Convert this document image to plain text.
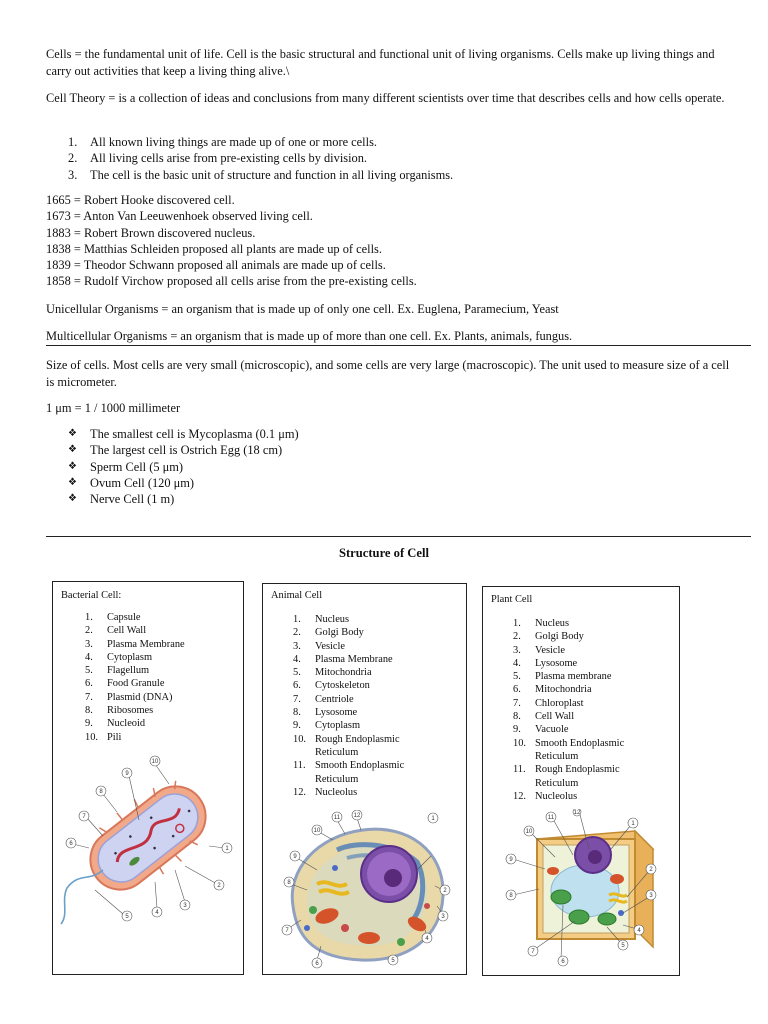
Cells = the fundamental unit of life. Cell is the basic structural and functional unit of living organisms. Cells make up living things and carry out activities that keep a living thing alive.\
Cell Theory = is a collection of ideas and conclusions from many different scientists over time that describes cells and how cells operate.
1. All known living things are made up of one or more cells.
2. All living cells arise from pre-existing cells by division.
3. The cell is the basic unit of structure and function in all living organisms.
1665 = Robert Hooke discovered cell.
1673 = Anton Van Leeuwenhoek observed living cell.
1883 = Robert Brown discovered nucleus.
1838 = Matthias Schleiden proposed all plants are made up of cells.
1839 = Theodor Schwann proposed all animals are made up of cells.
1858 = Rudolf Virchow proposed all cells arise from the pre-existing cells.
Unicellular Organisms = an organism that is made up of only one cell. Ex. Euglena, Paramecium, Yeast
Multicellular Organisms = an organism that is made up of more than one cell. Ex. Plants, animals, fungus.
Size of cells. Most cells are very small (microscopic), and some cells are very large (macroscopic). The unit used to measure size of a cell is micrometer.
1 μm = 1 / 1000 millimeter
❖ The smallest cell is Mycoplasma (0.1 μm)
❖ The largest cell is Ostrich Egg (18 cm)
❖ Sperm Cell (5 μm)
❖ Ovum Cell (120 μm)
❖ Nerve Cell (1 m)
Structure of Cell
Bacterial Cell:
1. Capsule
2. Cell Wall
3. Plasma Membrane
4. Cytoplasm
5. Flagellum
6. Food Granule
7. Plasmid (DNA)
8. Ribosomes
9. Nucleoid
10. Pili
1
2
3
4
5
6
7
8
9
10
Animal Cell
1. Nucleus
2. Golgi Body
3. Vesicle
4. Plasma Membrane
5. Mitochondria
6. Cytoskeleton
7. Centriole
8. Lysosome
9. Cytoplasm
10. Rough Endoplasmic Reticulum
11. Smooth Endoplasmic Reticulum
12. Nucleolus
1
2
3
4
5
6
7
8
9
10
11 12
Plant Cell
1. Nucleus
2. Golgi Body
3. Vesicle
4. Lysosome
5. Plasma membrane
6. Mitochondria
7. Chloroplast
8. Cell Wall
9. Vacuole
10. Smooth Endoplasmic Reticulum
11. Rough Endoplasmic Reticulum
12. Nucleolus
1
2
3
4
5
6
7
8
9
10
11
12
